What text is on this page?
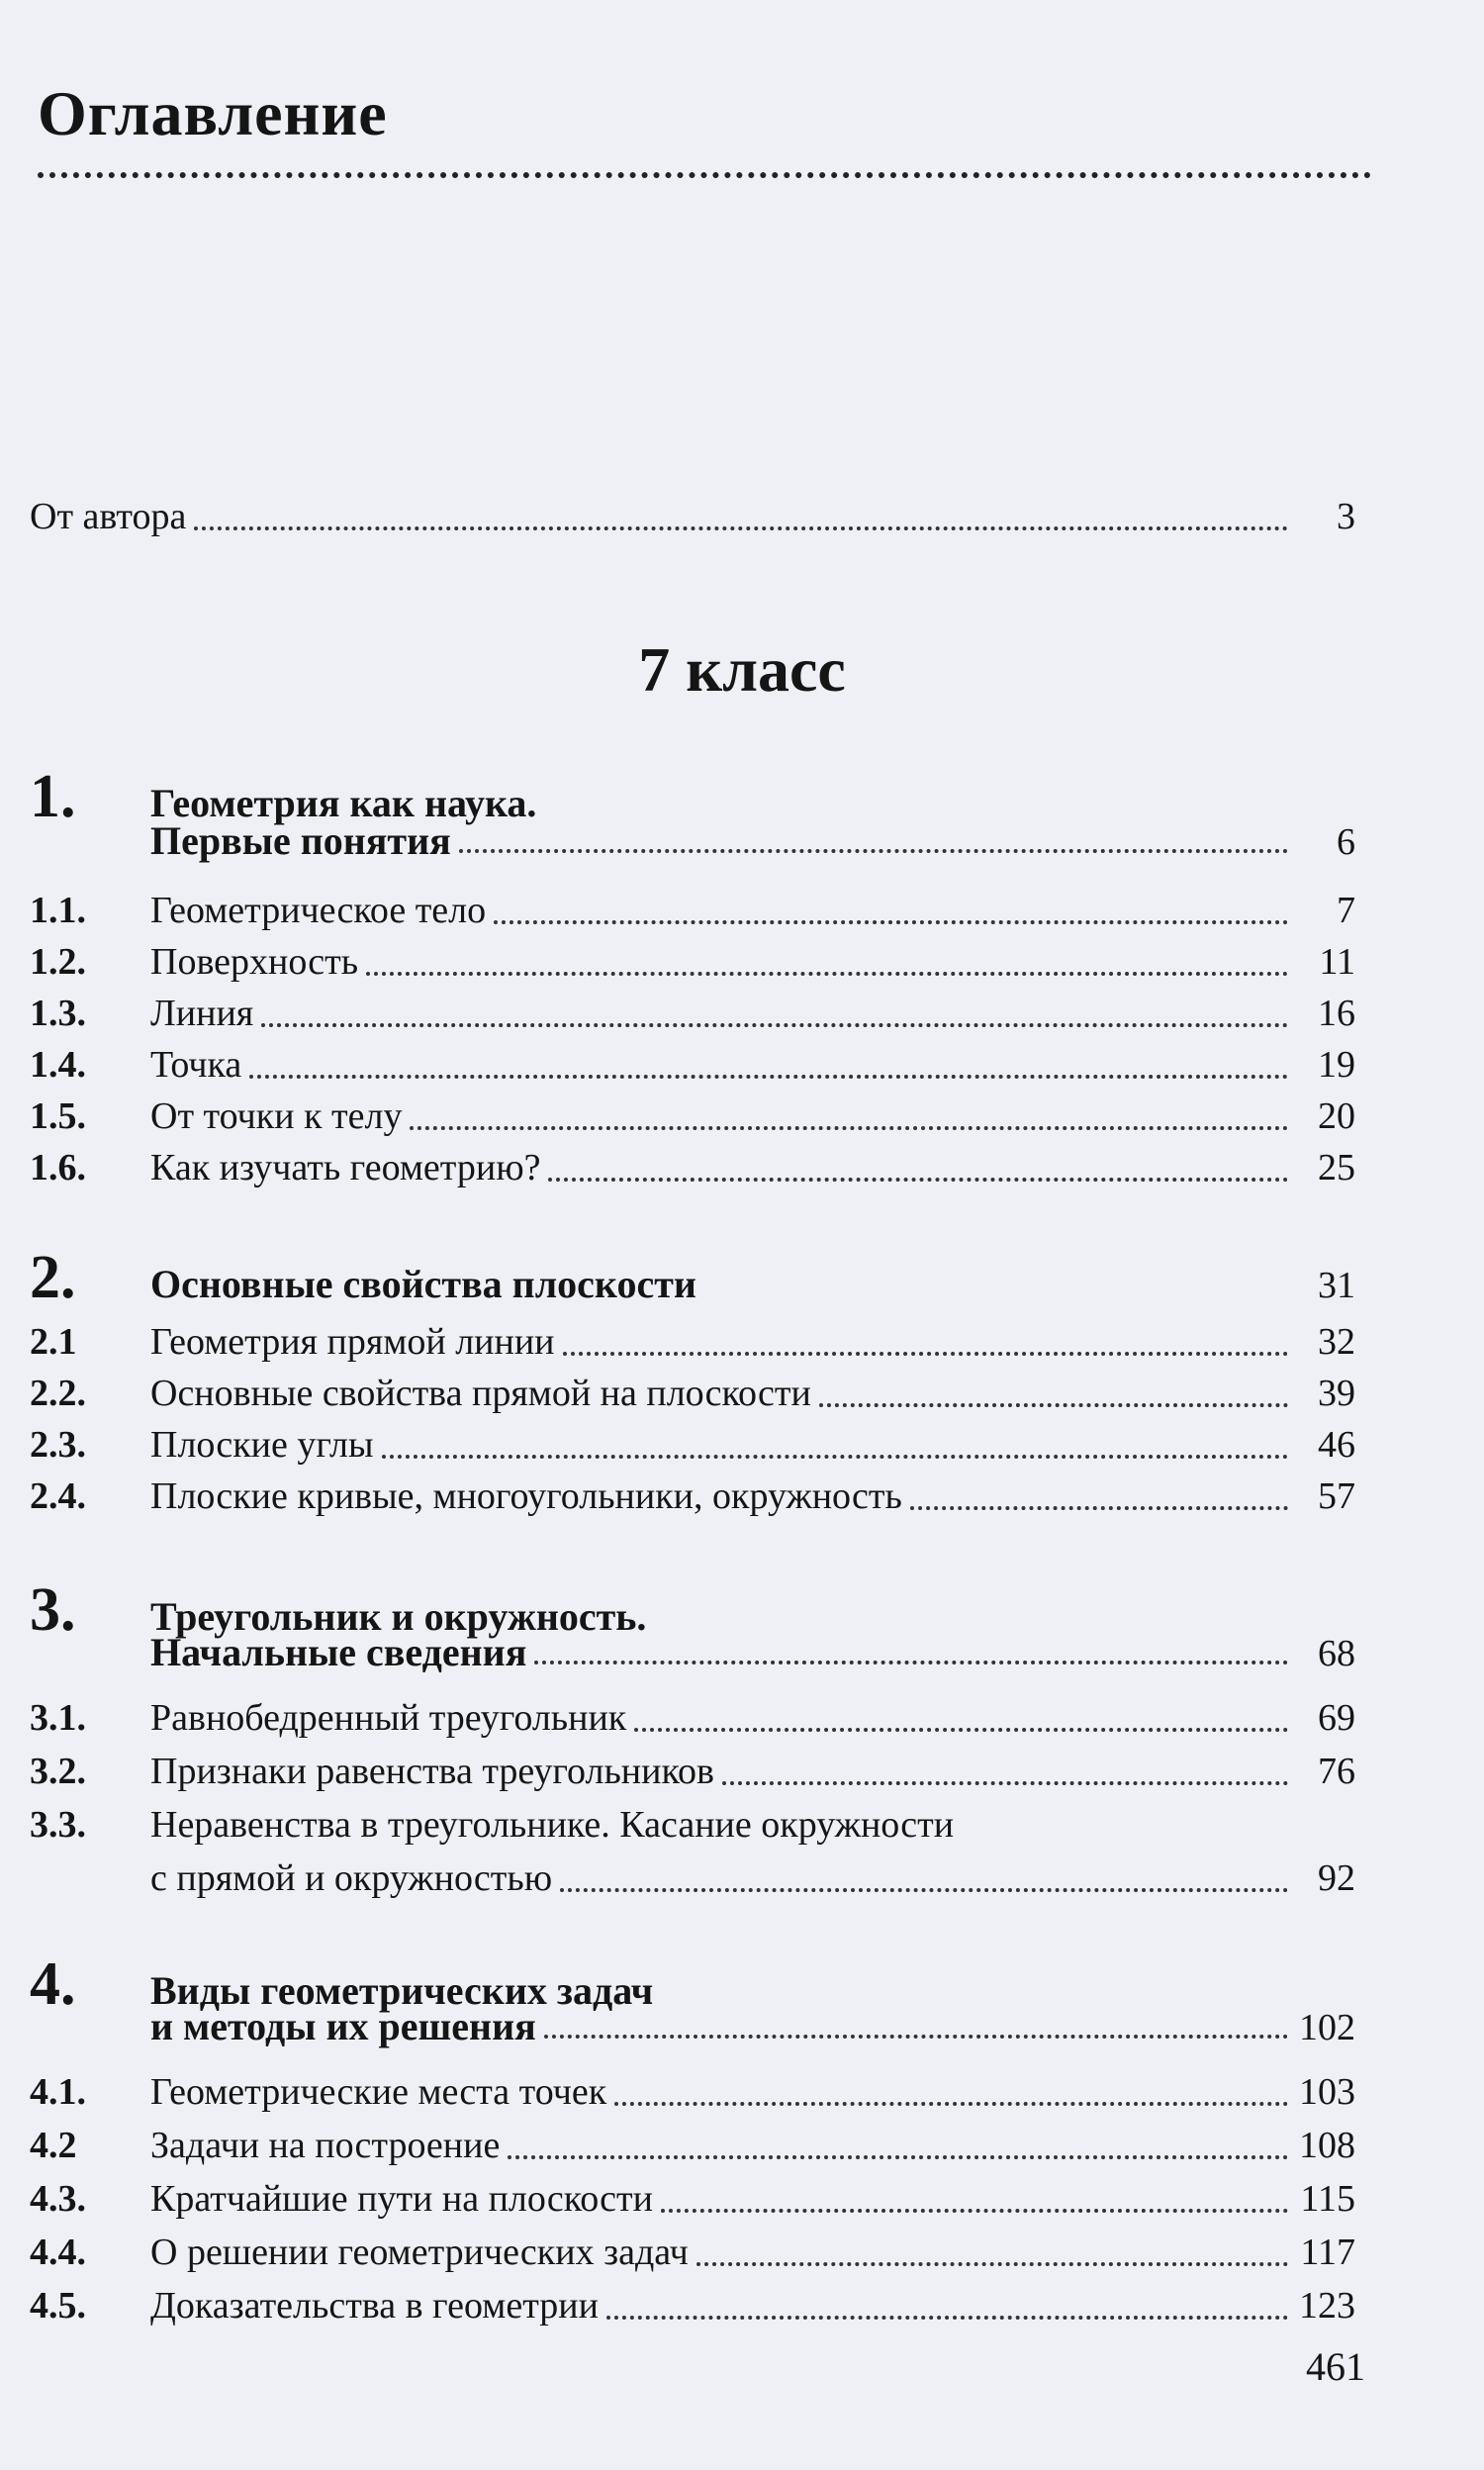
Оглавление
От автора	3
7 класс
1.	Геометрия как наука.
Первые понятия	6
1.1.	Геометрическое тело	7
1.2.	Поверхность	11
1.3.	Линия	16
1.4.	Точка	19
1.5.	От точки к телу	20
1.6.	Как изучать геометрию?	25
2.	Основные свойства плоскости	31
2.1	Геометрия прямой линии	32
2.2.	Основные свойства прямой на плоскости	39
2.3.	Плоские углы	46
2.4.	Плоские кривые, многоугольники, окружность	57
3.	Треугольник и окружность.
Начальные сведения	68
3.1.	Равнобедренный треугольник	69
3.2.	Признаки равенства треугольников	76
3.3.	Неравенства в треугольнике. Касание окружности
с прямой и окружностью	92
4.	Виды геометрических задач
и методы их решения	102
4.1.	Геометрические места точек	103
4.2	Задачи на построение	108
4.3.	Кратчайшие пути на плоскости	115
4.4.	О решении геометрических задач	117
4.5.	Доказательства в геометрии	123
461
